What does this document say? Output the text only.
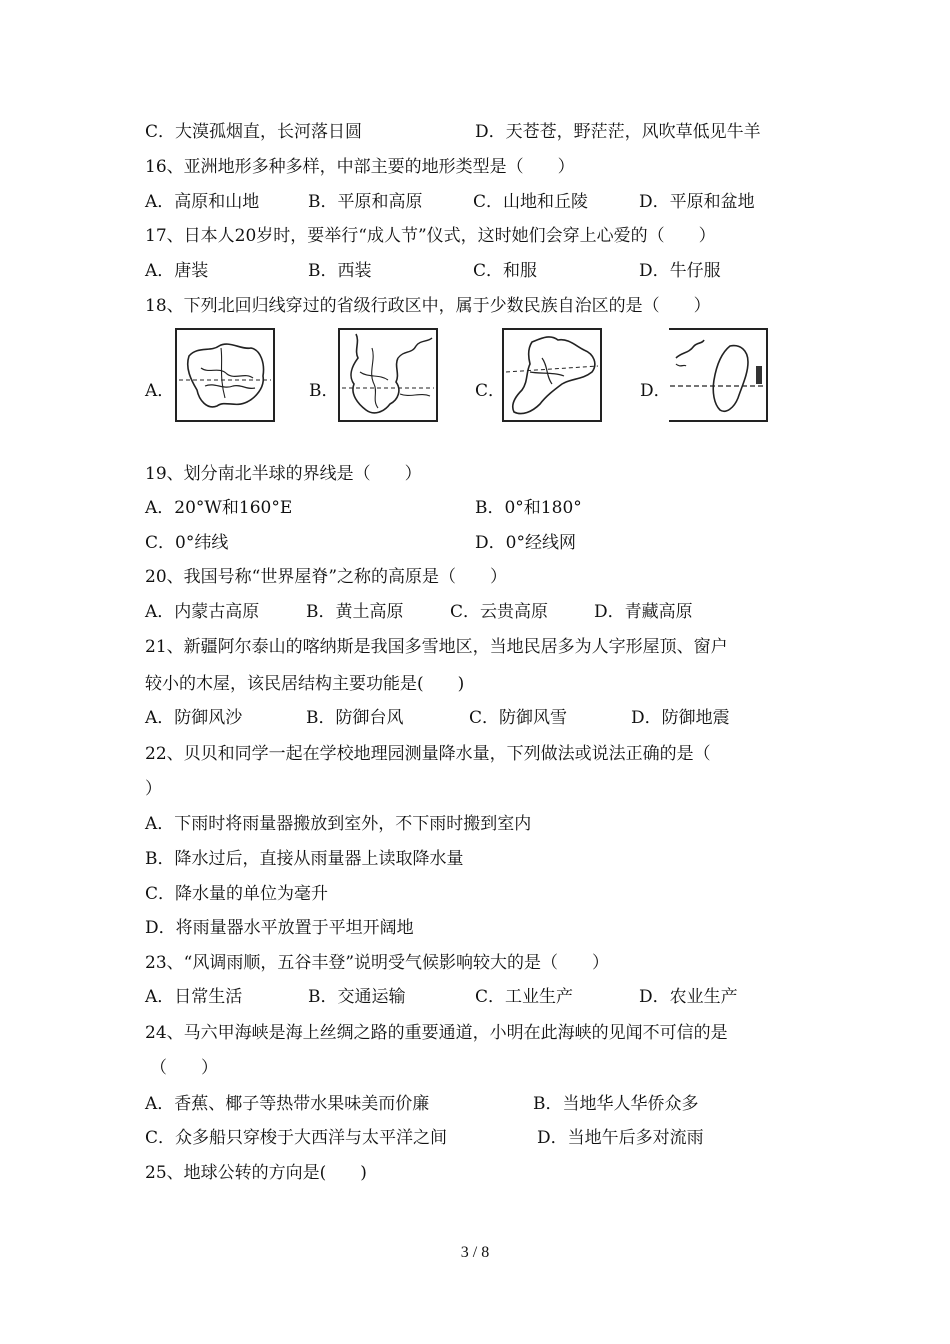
C．大漠孤烟直，长河落日圆	D．天苍苍，野茫茫，风吹草低见牛羊
16、亚洲地形多种多样，中部主要的地形类型是（　　）
A．高原和山地	B．平原和高原	C．山地和丘陵	D．平原和盆地
17、日本人20岁时，要举行“成人节”仪式，这时她们会穿上心爱的（　　）
A．唐装	B．西装	C．和服	D．牛仔服
18、下列北回归线穿过的省级行政区中，属于少数民族自治区的是（　　）
A．	B．	C．	D．
19、划分南北半球的界线是（　　）
A．20°W和160°E	B．0°和180°
C．0°纬线	D．0°经线网
20、我国号称“世界屋脊”之称的高原是（　　）
A．内蒙古高原	B．黄土高原	C．云贵高原	D．青藏高原
21、新疆阿尔泰山的喀纳斯是我国多雪地区，当地民居多为人字形屋顶、窗户
较小的木屋，该民居结构主要功能是(　　)
A．防御风沙	B．防御台风	C．防御风雪	D．防御地震
22、贝贝和同学一起在学校地理园测量降水量，下列做法或说法正确的是（
）
A．下雨时将雨量器搬放到室外，不下雨时搬到室内
B．降水过后，直接从雨量器上读取降水量
C．降水量的单位为毫升
D．将雨量器水平放置于平坦开阔地
23、“风调雨顺，五谷丰登”说明受气候影响较大的是（　　）
A．日常生活	B．交通运输	C．工业生产	D．农业生产
24、马六甲海峡是海上丝绸之路的重要通道，小明在此海峡的见闻不可信的是
（　　）
A．香蕉、椰子等热带水果味美而价廉	B．当地华人华侨众多
C．众多船只穿梭于大西洋与太平洋之间	D．当地午后多对流雨
25、地球公转的方向是(　　)
3 / 8
